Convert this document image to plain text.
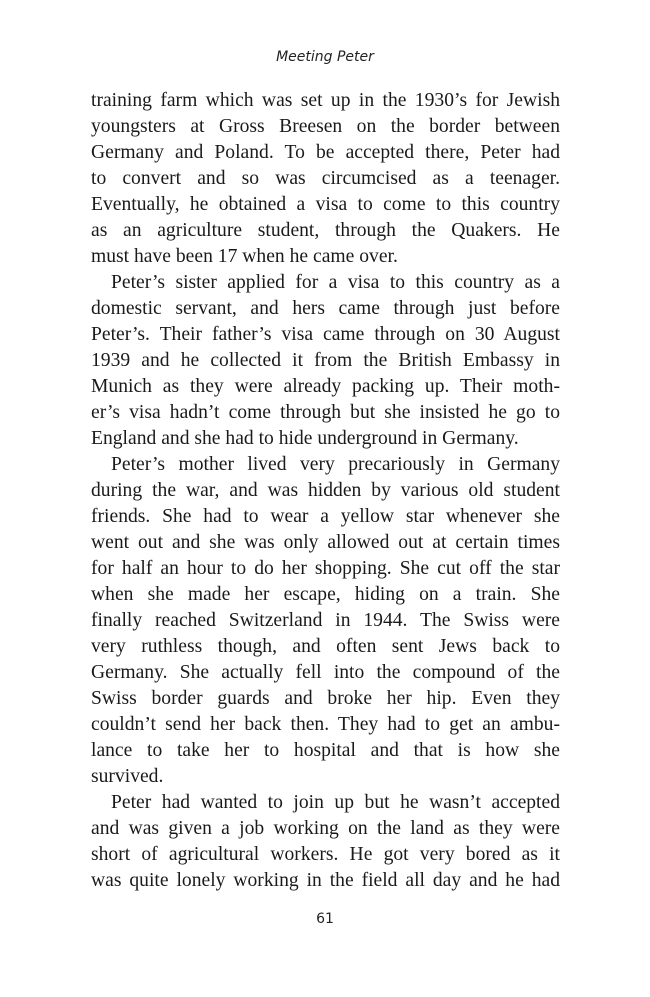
Meeting Peter
training farm which was set up in the 1930’s for Jewish
youngsters at Gross Breesen on the border between
Germany and Poland. To be accepted there, Peter had
to convert and so was circumcised as a teenager.
Eventually, he obtained a visa to come to this country
as an agriculture student, through the Quakers. He
must have been 17 when he came over.
Peter’s sister applied for a visa to this country as a
domestic servant, and hers came through just before
Peter’s. Their father’s visa came through on 30 August
1939 and he collected it from the British Embassy in
Munich as they were already packing up. Their moth-
er’s visa hadn’t come through but she insisted he go to
England and she had to hide underground in Germany.
Peter’s mother lived very precariously in Germany
during the war, and was hidden by various old student
friends. She had to wear a yellow star whenever she
went out and she was only allowed out at certain times
for half an hour to do her shopping. She cut off the star
when she made her escape, hiding on a train. She
finally reached Switzerland in 1944. The Swiss were
very ruthless though, and often sent Jews back to
Germany. She actually fell into the compound of the
Swiss border guards and broke her hip. Even they
couldn’t send her back then. They had to get an ambu-
lance to take her to hospital and that is how she
survived.
Peter had wanted to join up but he wasn’t accepted
and was given a job working on the land as they were
short of agricultural workers. He got very bored as it
was quite lonely working in the field all day and he had
61
